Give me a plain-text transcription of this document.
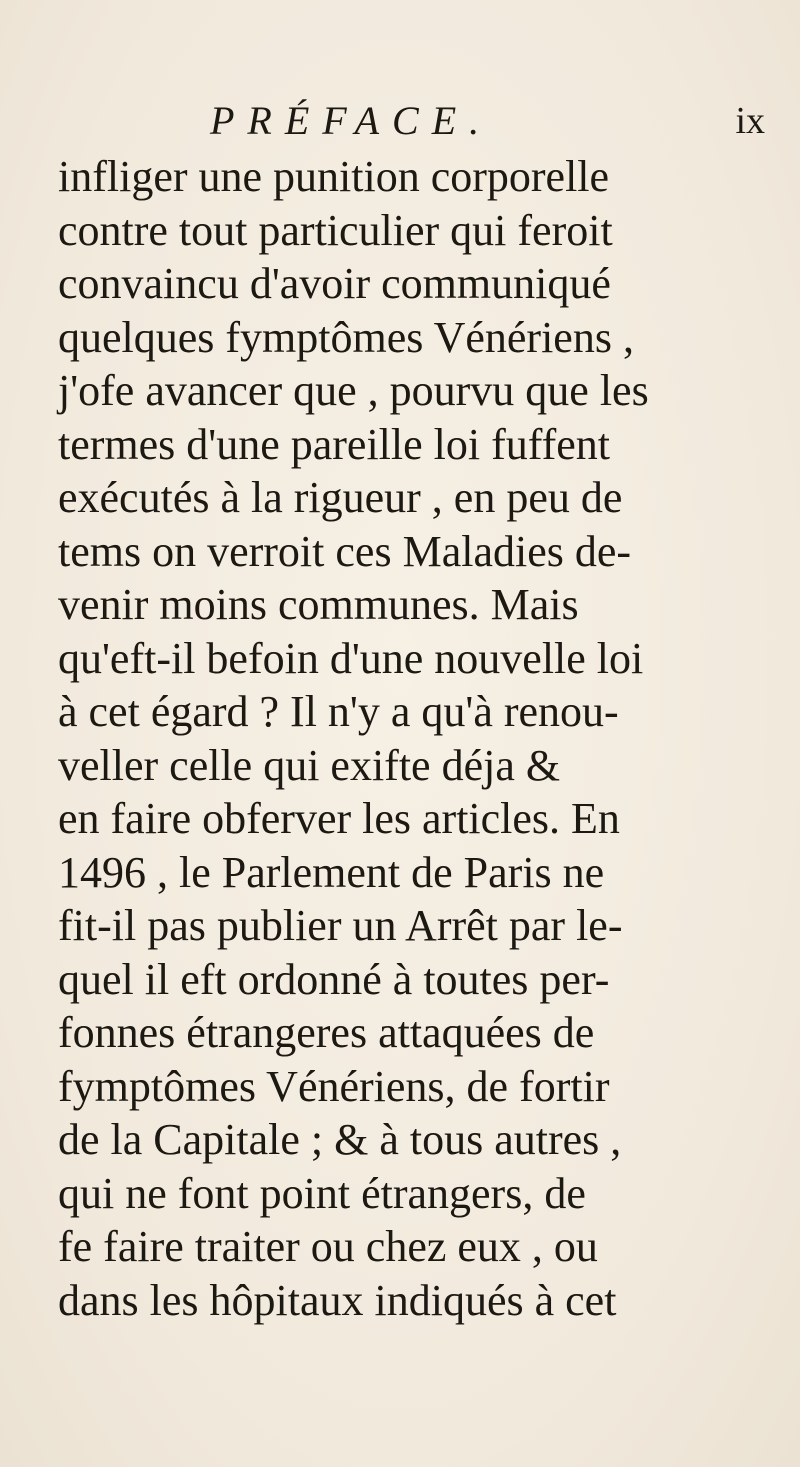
PRÉFACE.	ix
infliger une punition corporelle
contre tout particulier qui feroit
convaincu d'avoir communiqué
quelques fymptômes Vénériens ,
j'ofe avancer que , pourvu que les
termes d'une pareille loi fuffent
exécutés à la rigueur , en peu de
tems on verroit ces Maladies de-
venir moins communes. Mais
qu'eft-il befoin d'une nouvelle loi
à cet égard ? Il n'y a qu'à renou-
veller celle qui exifte déja &
en faire obferver les articles. En
1496 , le Parlement de Paris ne
fit-il pas publier un Arrêt par le-
quel il eft ordonné à toutes per-
fonnes étrangeres attaquées de
fymptômes Vénériens, de fortir
de la Capitale ; & à tous autres ,
qui ne font point étrangers, de
fe faire traiter ou chez eux , ou
dans les hôpitaux indiqués à cet
